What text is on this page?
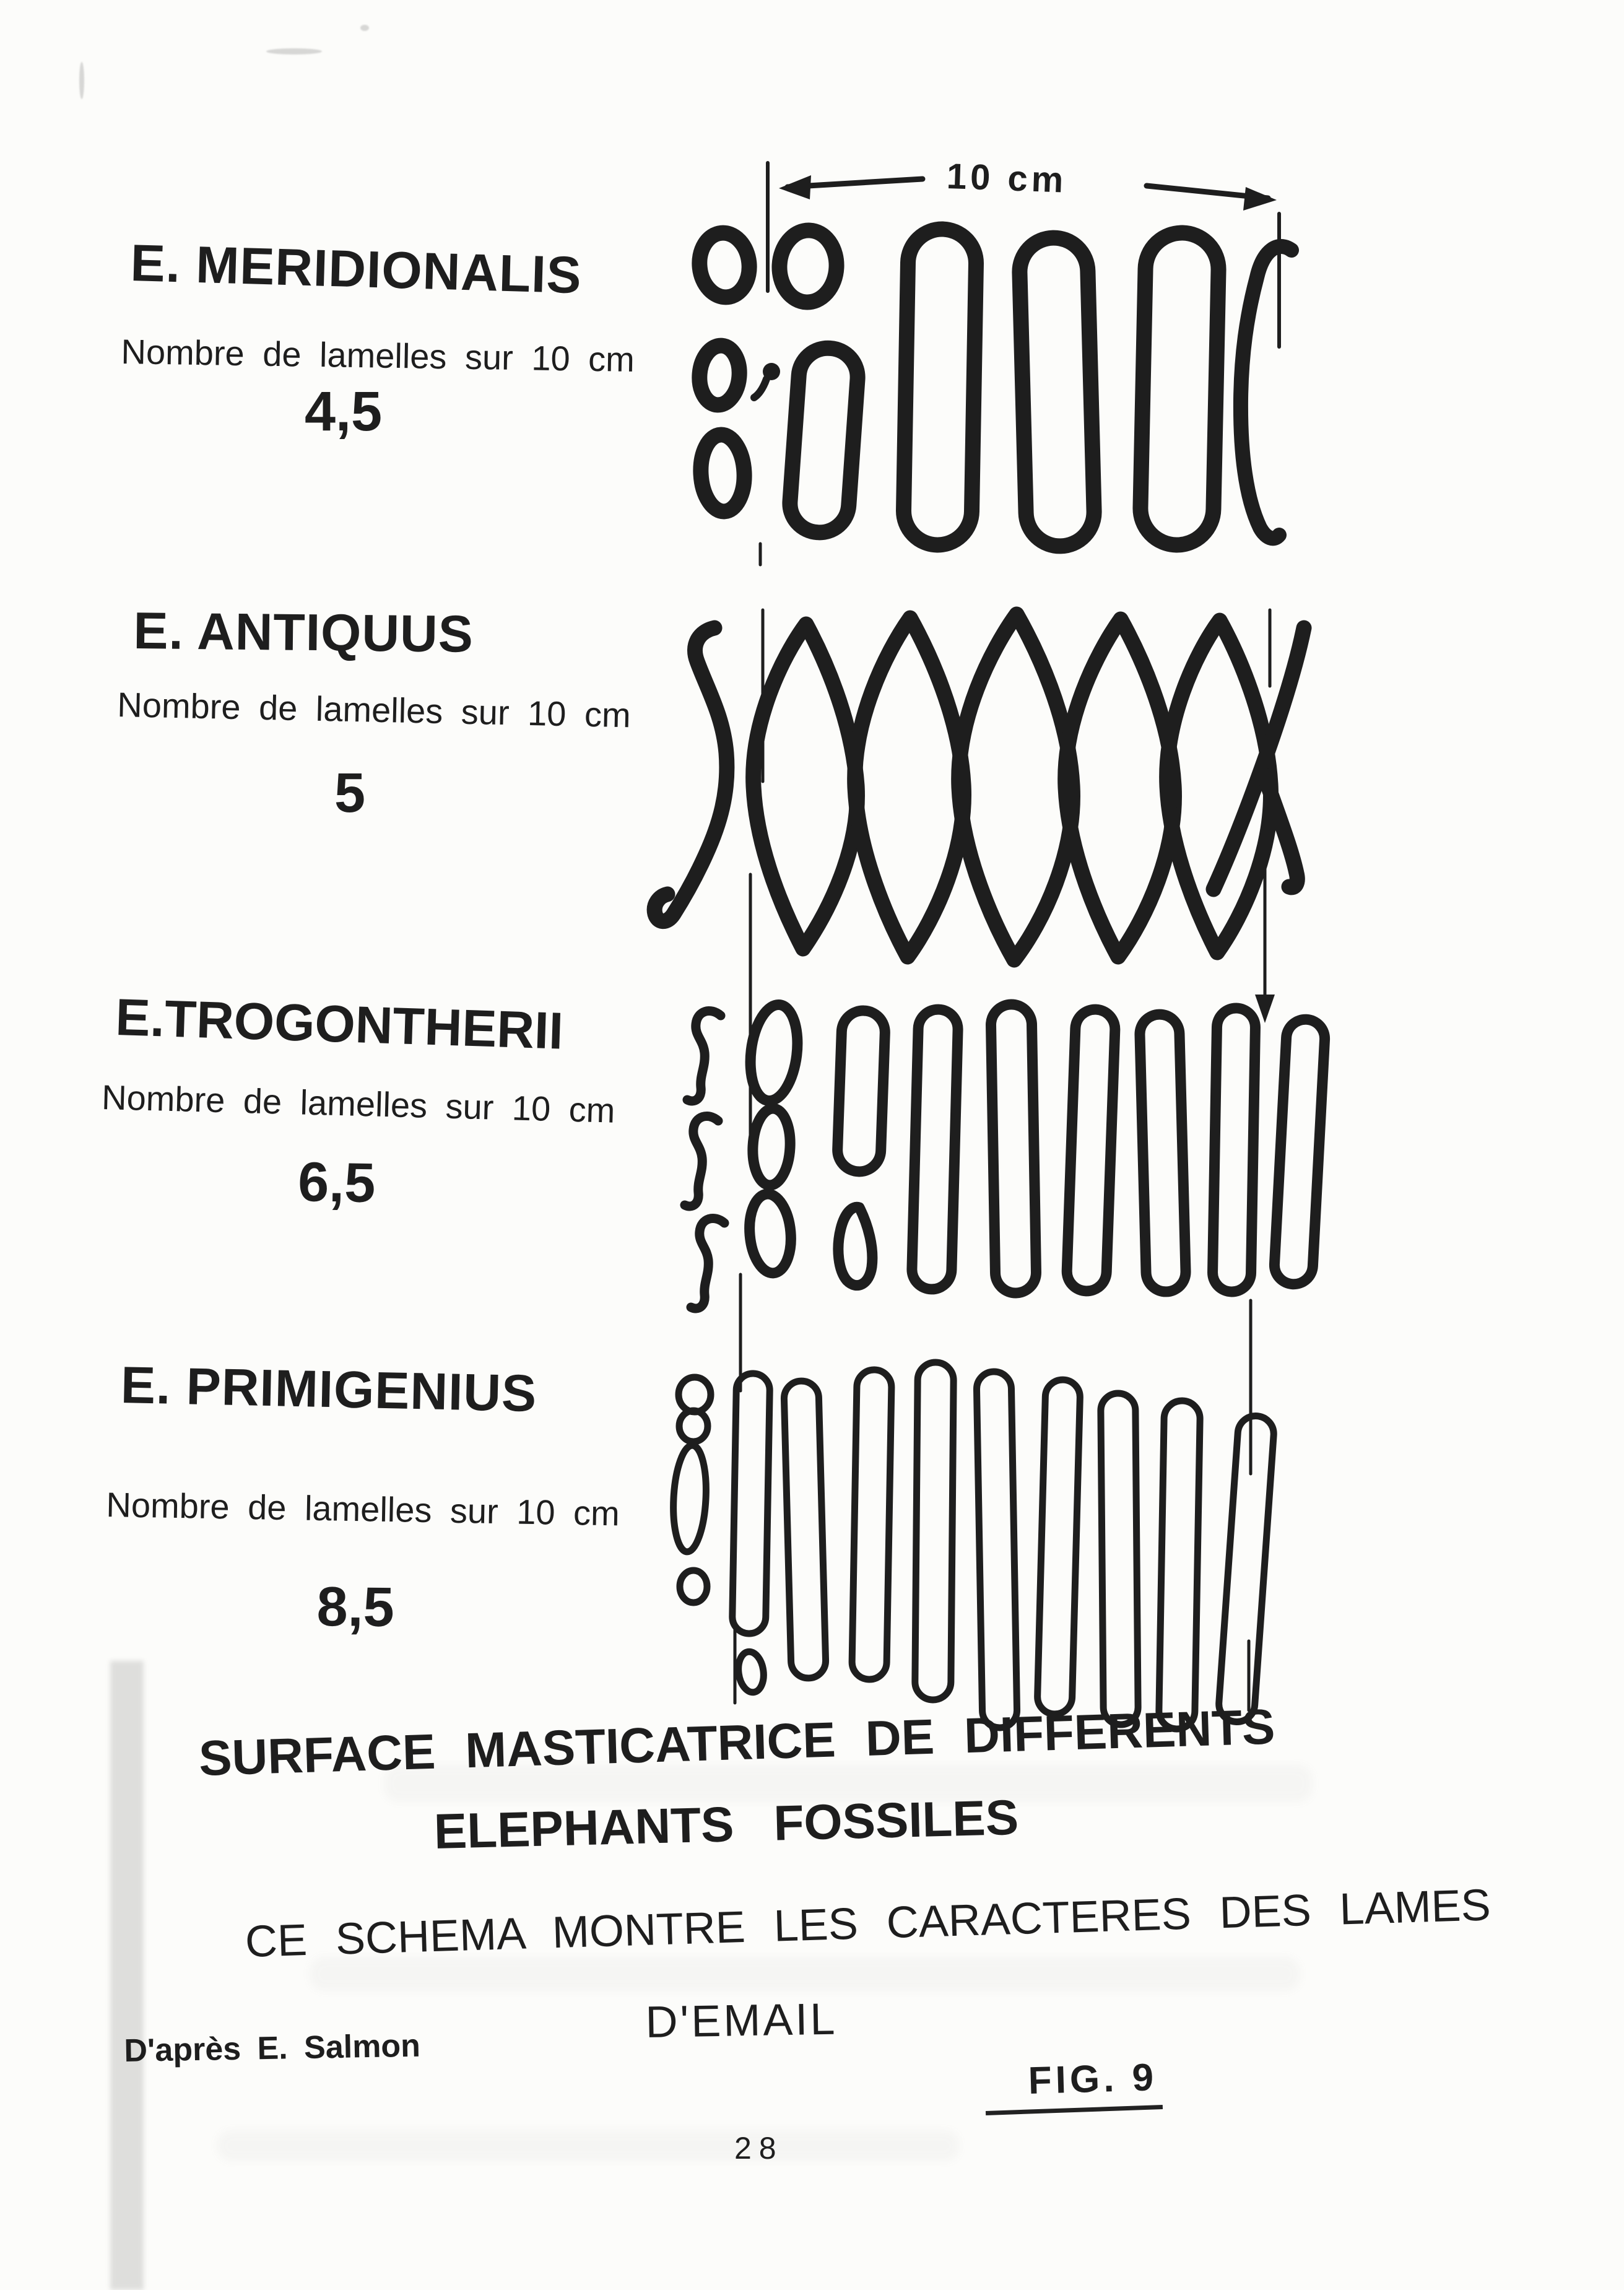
10 cm
E. MERIDIONALIS
Nombre de lamelles sur 10 cm
4,5
E. ANTIQUUS
Nombre de lamelles sur 10 cm
5
E.TROGONTHERII
Nombre de lamelles sur 10 cm
6,5
E. PRIMIGENIUS
Nombre de lamelles sur 10 cm
8,5
SURFACE MASTICATRICE DE DIFFERENTS
ELEPHANTS FOSSILES
CE SCHEMA MONTRE LES CARACTERES DES LAMES
D'EMAIL
D'après E. Salmon
FIG. 9
28
